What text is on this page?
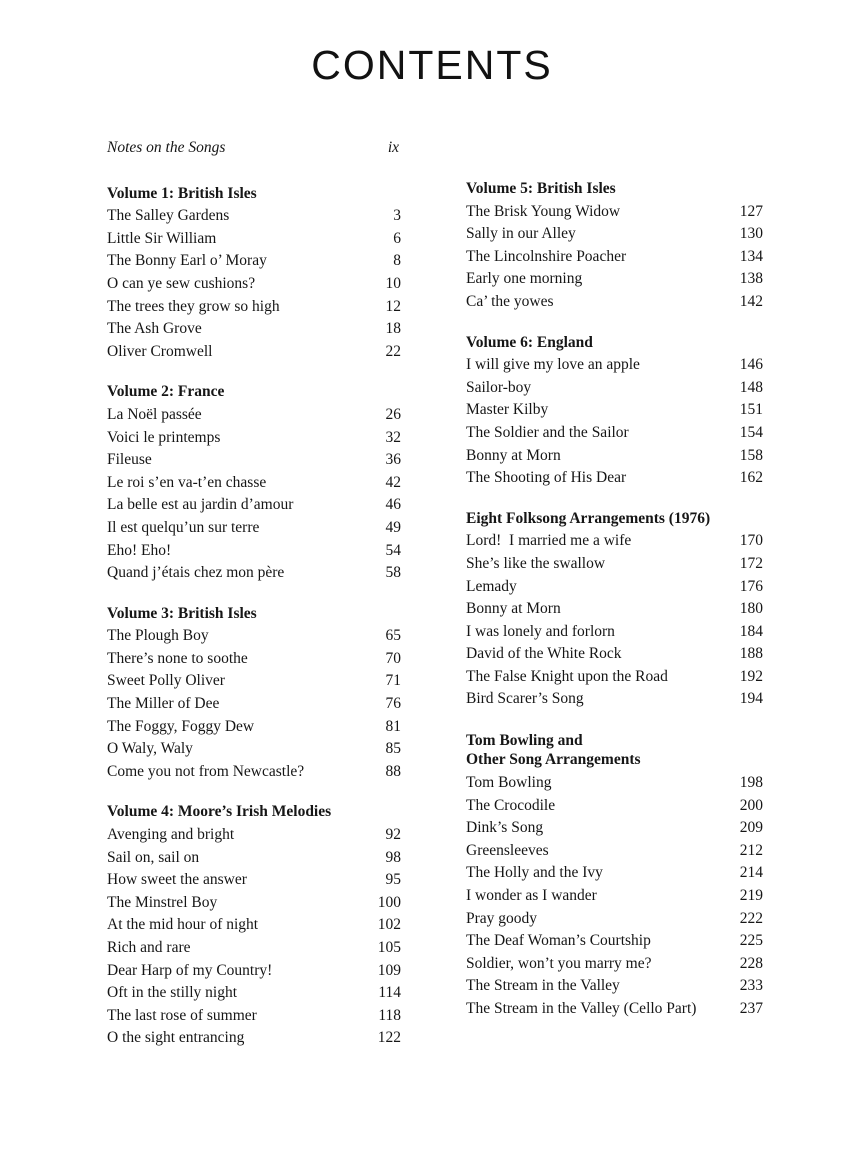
CONTENTS
Notes on the Songs	ix
Volume 1: British Isles
The Salley Gardens	3
Little Sir William	6
The Bonny Earl o’ Moray	8
O can ye sew cushions?	10
The trees they grow so high	12
The Ash Grove	18
Oliver Cromwell	22
Volume 2: France
La Noël passée	26
Voici le printemps	32
Fileuse	36
Le roi s’en va-t’en chasse	42
La belle est au jardin d’amour	46
Il est quelqu’un sur terre	49
Eho! Eho!	54
Quand j’étais chez mon père	58
Volume 3: British Isles
The Plough Boy	65
There’s none to soothe	70
Sweet Polly Oliver	71
The Miller of Dee	76
The Foggy, Foggy Dew	81
O Waly, Waly	85
Come you not from Newcastle?	88
Volume 4: Moore’s Irish Melodies
Avenging and bright	92
Sail on, sail on	98
How sweet the answer	95
The Minstrel Boy	100
At the mid hour of night	102
Rich and rare	105
Dear Harp of my Country!	109
Oft in the stilly night	114
The last rose of summer	118
O the sight entrancing	122
Volume 5: British Isles
The Brisk Young Widow	127
Sally in our Alley	130
The Lincolnshire Poacher	134
Early one morning	138
Ca’ the yowes	142
Volume 6: England
I will give my love an apple	146
Sailor-boy	148
Master Kilby	151
The Soldier and the Sailor	154
Bonny at Morn	158
The Shooting of His Dear	162
Eight Folksong Arrangements (1976)
Lord!  I married me a wife	170
She’s like the swallow	172
Lemady	176
Bonny at Morn	180
I was lonely and forlorn	184
David of the White Rock	188
The False Knight upon the Road	192
Bird Scarer’s Song	194
Tom Bowling and
Other Song Arrangements
Tom Bowling	198
The Crocodile	200
Dink’s Song	209
Greensleeves	212
The Holly and the Ivy	214
I wonder as I wander	219
Pray goody	222
The Deaf Woman’s Courtship	225
Soldier, won’t you marry me?	228
The Stream in the Valley	233
The Stream in the Valley (Cello Part)	237
